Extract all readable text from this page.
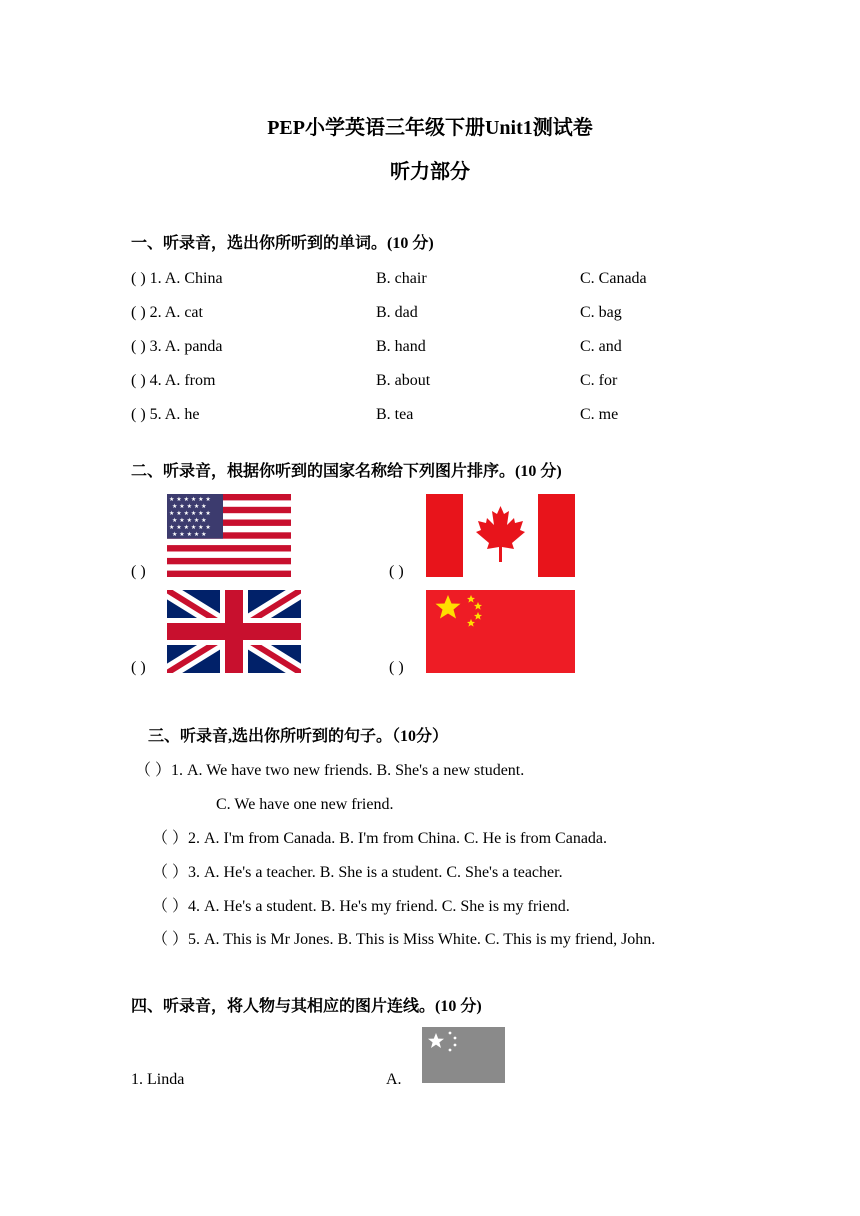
PEP小学英语三年级下册Unit1测试卷
听力部分
一、听录音，选出你所听到的单词。(10 分)
( ) 1. A. China	B. chair	C. Canada
( ) 2. A. cat	B. dad	C. bag
( ) 3. A. panda	B. hand	C. and
( ) 4. A. from	B. about	C. for
( ) 5. A. he	B. tea	C. me
二、听录音，根据你听到的国家名称给下列图片排序。(10 分)
★ ★ ★ ★ ★ ★
★ ★ ★ ★ ★
★ ★ ★ ★ ★ ★
★ ★ ★ ★ ★
★ ★ ★ ★ ★ ★
★ ★ ★ ★ ★
( )	( )
( )	( )
三、听录音,选出你所听到的句子。（10分）
（ ）1. A. We have two new friends. B. She's a new student.
C. We have one new friend.
（ ）2. A. I'm from Canada. B. I'm from China. C. He is from Canada.
（ ）3. A. He's a teacher. B. She is a student. C. She's a teacher.
（ ）4. A. He's a student. B. He's my friend. C. She is my friend.
（ ）5. A. This is Mr Jones. B. This is Miss White. C. This is my friend, John.
四、听录音，将人物与其相应的图片连线。(10 分)
1. Linda	A.
